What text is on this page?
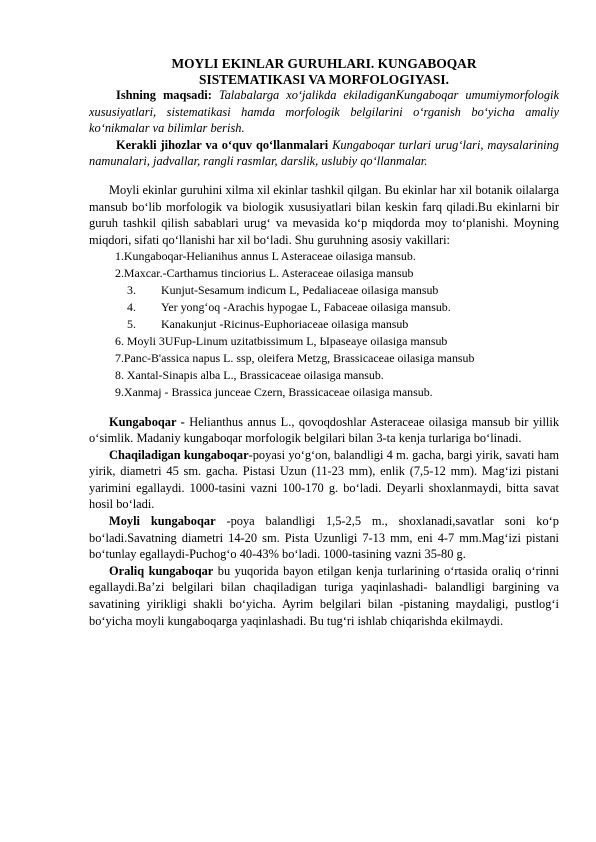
MOYLI EKINLAR GURUHLARI. KUNGABOQAR
SISTEMATIKASI VA MORFOLOGIYASI.

Ishning maqsadi: Talabalarga xo‘jalikda ekiladiganKungaboqar umumiymorfologik xususiyatlari, sistematikasi hamda morfologik belgilarini o‘rganish bo‘yicha amaliy ko‘nikmalar va bilimlar berish.

Kerakli jihozlar va o‘quv qo‘llanmalari Kungaboqar turlari urug‘lari, maysalarining namunalari, jadvallar, rangli rasmlar, darslik, uslubiy qo‘llanmalar.

Moyli ekinlar guruhini xilma xil ekinlar tashkil qilgan. Bu ekinlar har xil botanik oilalarga mansub bo‘lib morfologik va biologik xususiyatlari bilan keskin farq qiladi.Bu ekinlarni bir guruh tashkil qilish sabablari urug‘ va mevasida ko‘p miqdorda moy to‘planishi. Moyning miqdori, sifati qo‘llanishi har xil bo‘ladi. Shu guruhning asosiy vakillari:

1.Kungaboqar-Helianihus annus L Asteraceae oilasiga mansub.
2.Maxcar.-Carthamus tinciorius L. Asteraceae oilasiga mansub
3. Kunjut-Sesamum indicum L, Pedaliaceae oilasiga mansub
4. Yer yong‘oq -Arachis hypogae L, Fabaceae oilasiga mansub.
5. Kanakunjut -Ricinus-Euphoriaceae oilasiga mansub
6. Moyli 3UFup-Linum uzitatbissimum L, Ыpaseaye oilasiga mansub
7.Panc-B'assica napus L. ssp, oleifera Metzg, Brassicaceae oilasiga mansub
8. Xantal-Sinapis alba L., Brassicaceae oilasiga mansub.
9.Xanmaj - Brassica junceae Czern, Brassicaceae oilasiga mansub.

Kungaboqar - Helianthus annus L., qovoqdoshlar Asteraceae oilasiga mansub bir yillik o‘simlik. Madaniy kungaboqar morfologik belgilari bilan 3-ta kenja turlariga bo‘linadi.

Chaqiladigan kungaboqar-poyasi yo‘g‘on, balandligi 4 m. gacha, bargi yirik, savati ham yirik, diametri 45 sm. gacha. Pistasi Uzun (11-23 mm), enlik (7,5-12 mm). Mag‘izi pistani yarimini egallaydi. 1000-tasini vazni 100-170 g. bo‘ladi. Deyarli shoxlanmaydi, bitta savat hosil bo‘ladi.

Moyli kungaboqar -poya balandligi 1,5-2,5 m., shoxlanadi,savatlar soni ko‘p bo‘ladi.Savatning diametri 14-20 sm. Pista Uzunligi 7-13 mm, eni 4-7 mm.Mag‘izi pistani bo‘tunlay egallaydi-Puchog‘o 40-43% bo‘ladi. 1000-tasining vazni 35-80 g.

Oraliq kungaboqar bu yuqorida bayon etilgan kenja turlarining o‘rtasida oraliq o‘rinni egallaydi.Ba’zi belgilari bilan chaqiladigan turiga yaqinlashadi- balandligi bargining va savatining yirikligi shakli bo‘yicha. Ayrim belgilari bilan -pistaning maydaligi, pustlog‘i bo‘yicha moyli kungaboqarga yaqinlashadi. Bu tug‘ri ishlab chiqarishda ekilmaydi.
